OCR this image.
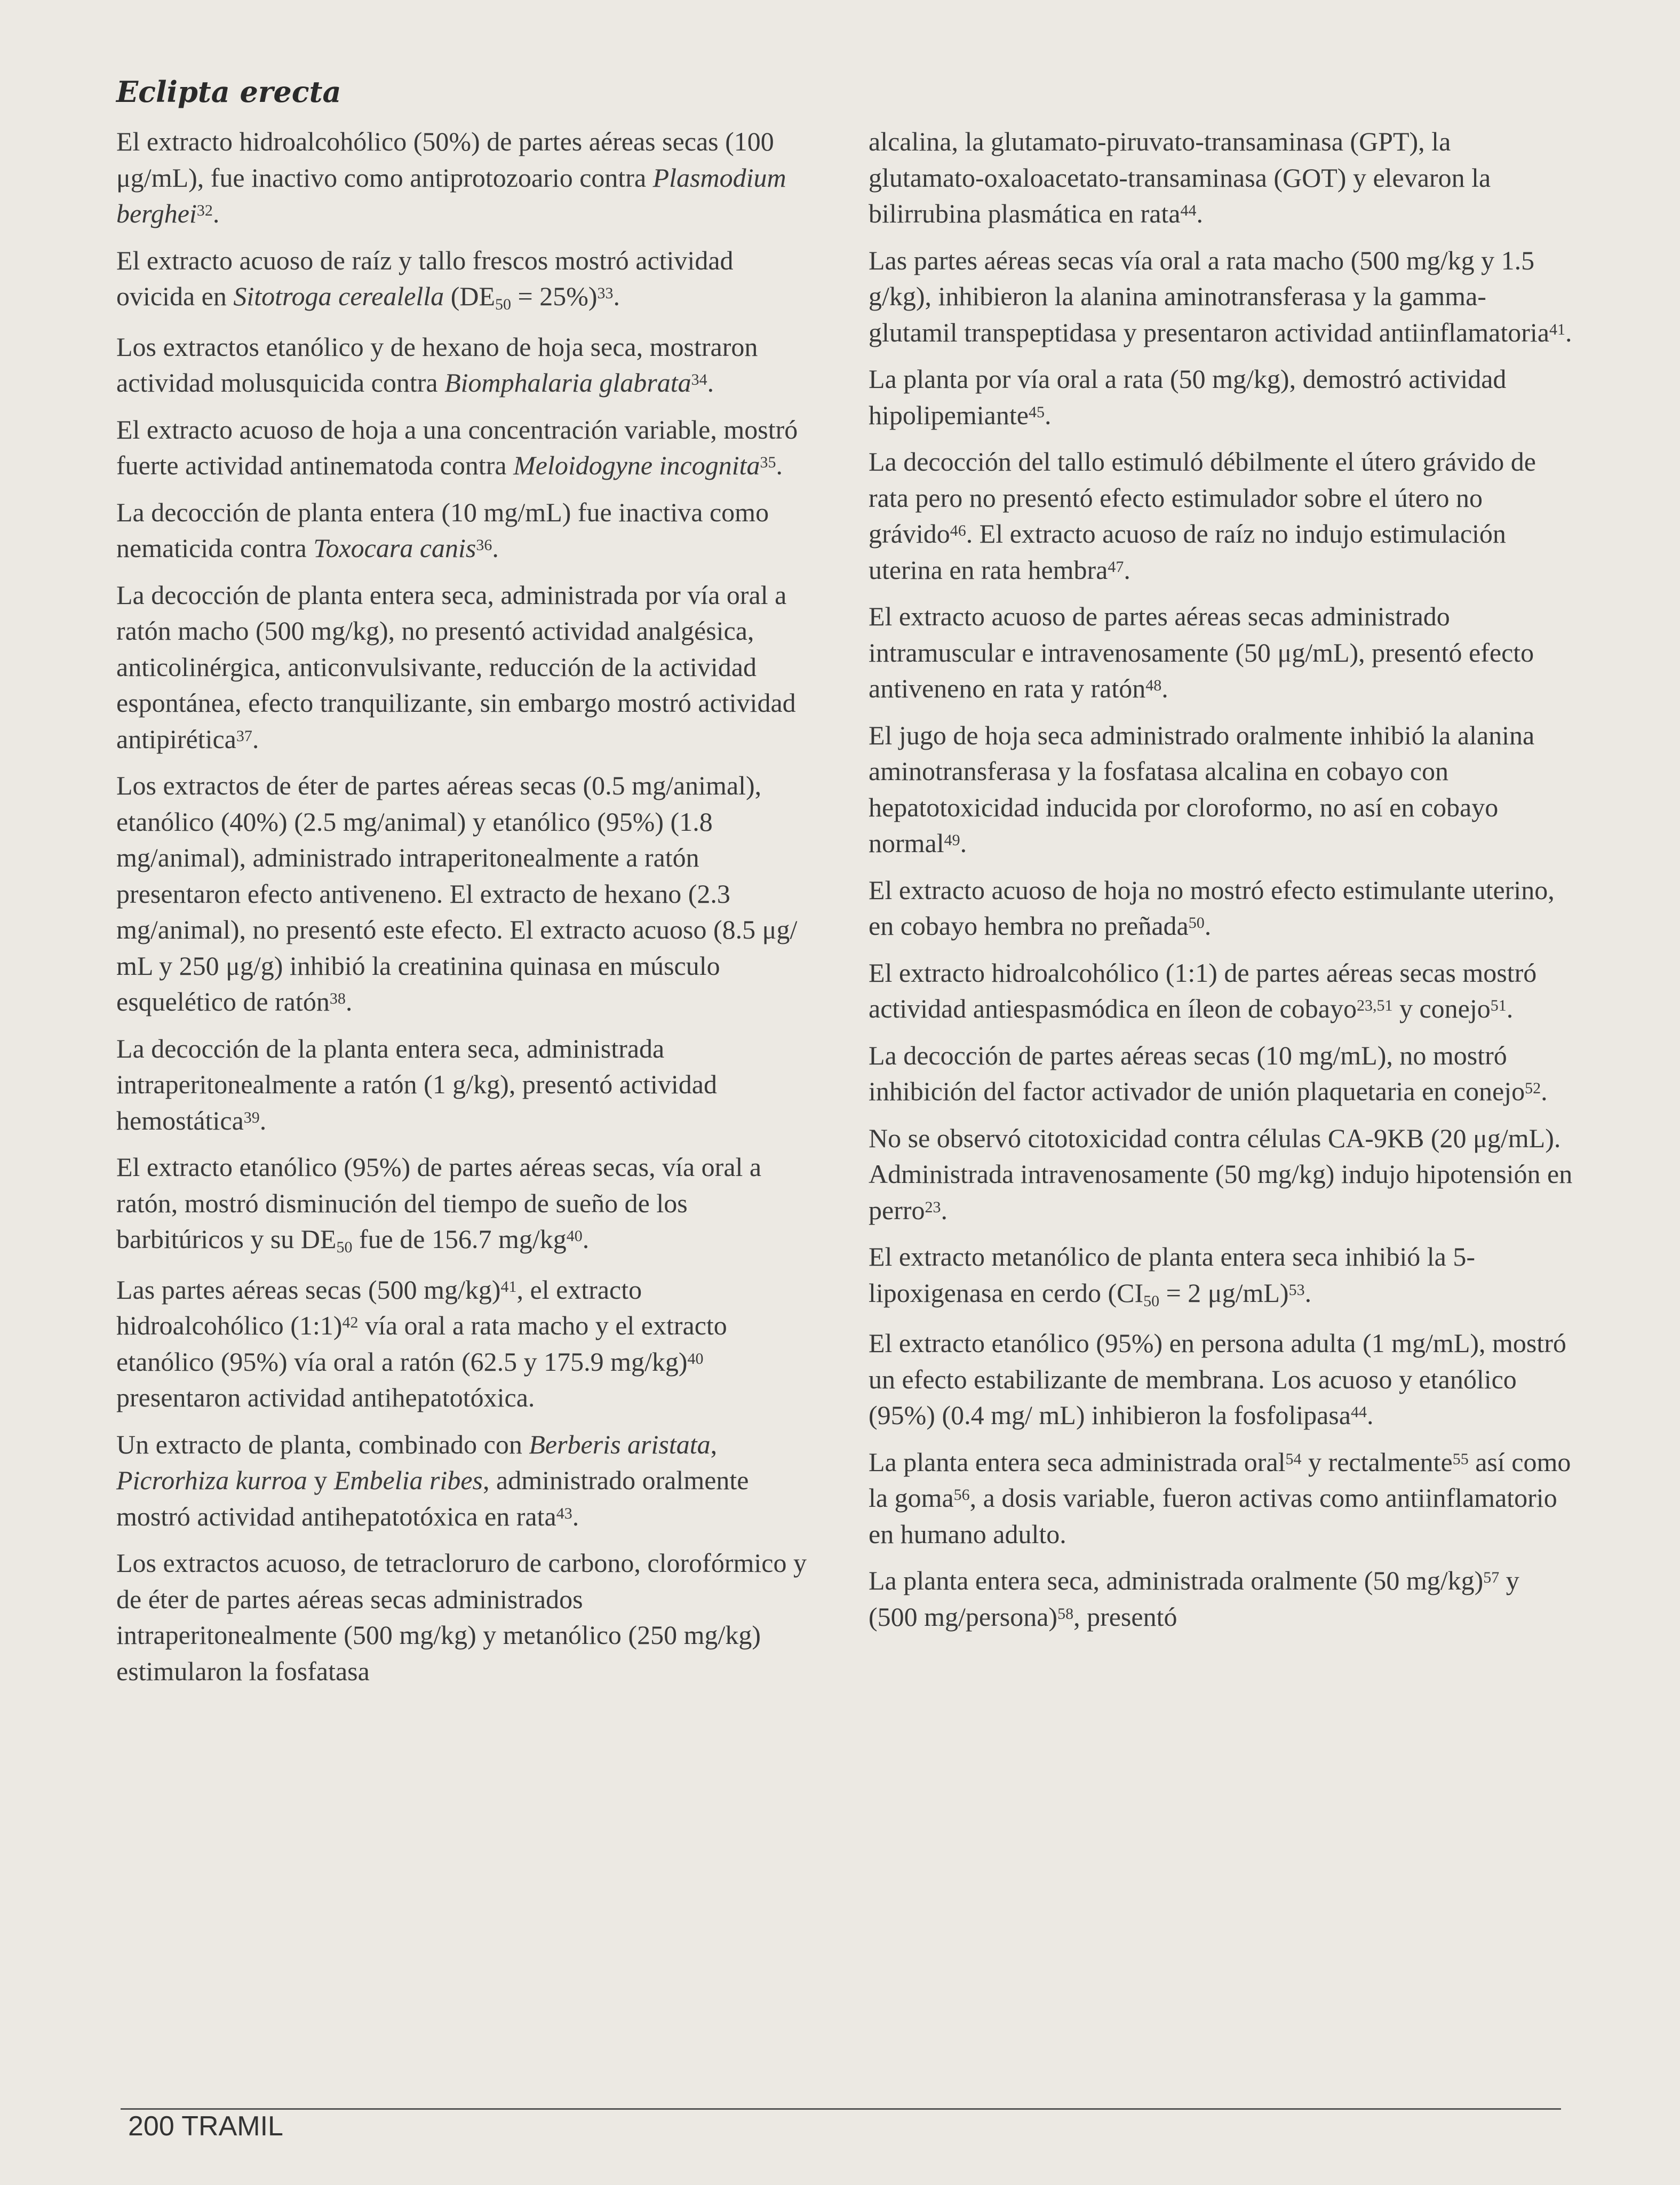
Eclipta erecta

El extracto hidroalcohólico (50%) de partes aéreas secas (100 μg/mL), fue inactivo como antiprotozoario contra Plasmodium berghei$^{32}$.

El extracto acuoso de raíz y tallo frescos mostró actividad ovicida en Sitotroga cerealella $(DE_{50} = 25\%)^{33}$.

Los extractos etanólico y de hexano de hoja seca, mostraron actividad molusquicida contra Biomphalaria glabrata$^{34}$.

El extracto acuoso de hoja a una concentración variable, mostró fuerte actividad antinematoda contra Meloidogyne incognita$^{35}$.

La decocción de planta entera (10 mg/mL) fue inactiva como nematicida contra Toxocara canis$^{36}$.

La decocción de planta entera seca, administrada por vía oral a ratón macho (500 mg/kg), no presentó actividad analgésica, anticolinérgica, anticonvulsivante, reducción de la actividad espontánea, efecto tranquilizante, sin embargo mostró actividad antipirética$^{37}$.

Los extractos de éter de partes aéreas secas (0.5 mg/animal), etanólico (40%) (2.5 mg/animal) y etanólico (95%) (1.8 mg/animal), administrado intraperitonealmente a ratón presentaron efecto antiveneno. El extracto de hexano (2.3 mg/animal), no presentó este efecto. El extracto acuoso (8.5 μg/ mL y 250 μg/g) inhibió la creatinina quinasa en músculo esquelético de ratón$^{38}$.

La decocción de la planta entera seca, administrada intraperitonealmente a ratón (1 g/kg), presentó actividad hemostática$^{39}$.

El extracto etanólico (95%) de partes aéreas secas, vía oral a ratón, mostró disminución del tiempo de sueño de los barbitúricos y su $DE_{50}$ fue de 156.7 $mg/kg^{40}$.

Las partes aéreas secas (500 mg/kg)$^{41}$, el extracto hidroalcohólico (1:1)$^{42}$ vía oral a rata macho y el extracto etanólico (95%) vía oral a ratón (62.5 y 175.9 mg/kg)$^{40}$ presentaron actividad antihepatotóxica.

Un extracto de planta, combinado con Berberis aristata, Picrorhiza kurroa y Embelia ribes, administrado oralmente mostró actividad antihepatotóxica en rata$^{43}$.

Los extractos acuoso, de tetracloruro de carbono, clorofórmico y de éter de partes aéreas secas administrados intraperitonealmente (500 mg/kg) y metanólico (250 mg/kg) estimularon la fosfatasa

alcalina, la glutamato-piruvato-transaminasa (GPT), la glutamato-oxaloacetato-transaminasa (GOT) y elevaron la bilirrubina plasmática en rata$^{44}$.

Las partes aéreas secas vía oral a rata macho (500 mg/kg y 1.5 g/kg), inhibieron la alanina aminotransferasa y la gamma-glutamil transpeptidasa y presentaron actividad antiinflamatoria$^{41}$.

La planta por vía oral a rata (50 mg/kg), demostró actividad hipolipemiante$^{45}$.

La decocción del tallo estimuló débilmente el útero grávido de rata pero no presentó efecto estimulador sobre el útero no grávido$^{46}$. El extracto acuoso de raíz no indujo estimulación uterina en rata hembra$^{47}$.

El extracto acuoso de partes aéreas secas administrado intramuscular e intravenosamente (50 μg/mL), presentó efecto antiveneno en rata y ratón$^{48}$.

El jugo de hoja seca administrado oralmente inhibió la alanina aminotransferasa y la fosfatasa alcalina en cobayo con hepatotoxicidad inducida por cloroformo, no así en cobayo normal$^{49}$.

El extracto acuoso de hoja no mostró efecto estimulante uterino, en cobayo hembra no preñada$^{50}$.

El extracto hidroalcohólico (1:1) de partes aéreas secas mostró actividad antiespasmódica en íleon de cobayo$^{23,51}$ y conejo$^{51}$.

La decocción de partes aéreas secas (10 mg/mL), no mostró inhibición del factor activador de unión plaquetaria en conejo$^{52}$.

No se observó citotoxicidad contra células CA-9KB (20 μg/mL). Administrada intravenosamente (50 mg/kg) indujo hipotensión en perro$^{23}$.

El extracto metanólico de planta entera seca inhibió la 5-lipoxigenasa en cerdo ($CI_{50} = 2$ μg/mL)$^{53}$.

El extracto etanólico (95%) en persona adulta (1 mg/mL), mostró un efecto estabilizante de membrana. Los acuoso y etanólico (95%) (0.4 mg/ mL) inhibieron la fosfolipasa$^{44}$.

La planta entera seca administrada oral$^{54}$ y rectalmente$^{55}$ así como la goma$^{56}$, a dosis variable, fueron activas como antiinflamatorio en humano adulto.

La planta entera seca, administrada oralmente (50 mg/kg)$^{57}$ y (500 mg/persona)$^{58}$, presentó

200 TRAMIL
